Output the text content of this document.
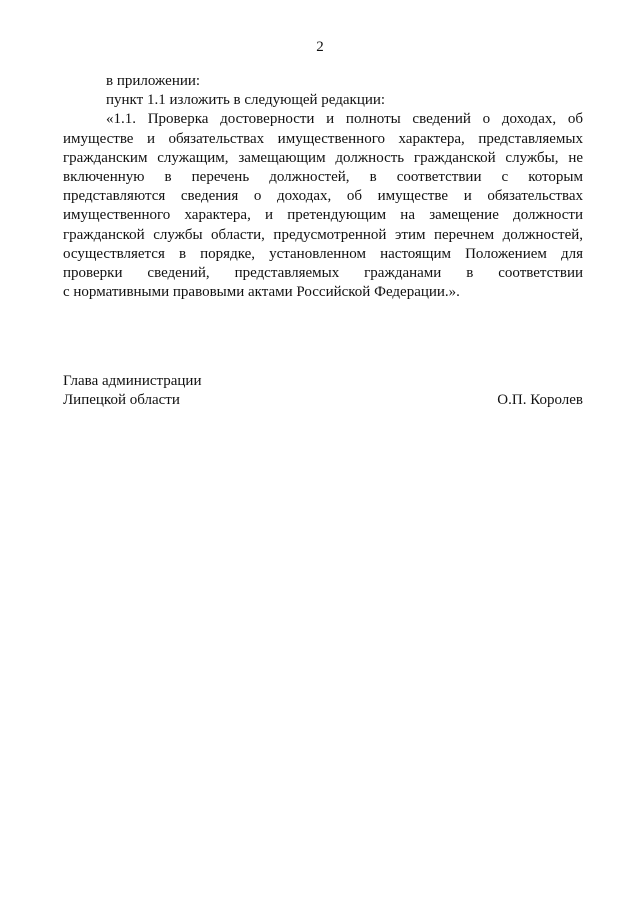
2
в приложении:
пункт 1.1 изложить в следующей редакции:
«1.1. Проверка достоверности и полноты сведений о доходах, об
имуществе и обязательствах имущественного характера, представляемых
гражданским служащим, замещающим должность гражданской службы, не
включенную в перечень должностей, в соответствии с которым
представляются сведения о доходах, об имуществе и обязательствах
имущественного характера, и претендующим на замещение должности
гражданской службы области, предусмотренной этим перечнем должностей,
осуществляется в порядке, установленном настоящим Положением для
проверки сведений, представляемых гражданами в соответствии
с нормативными правовыми актами Российской Федерации.».
Глава администрации
Липецкой области	О.П. Королев
